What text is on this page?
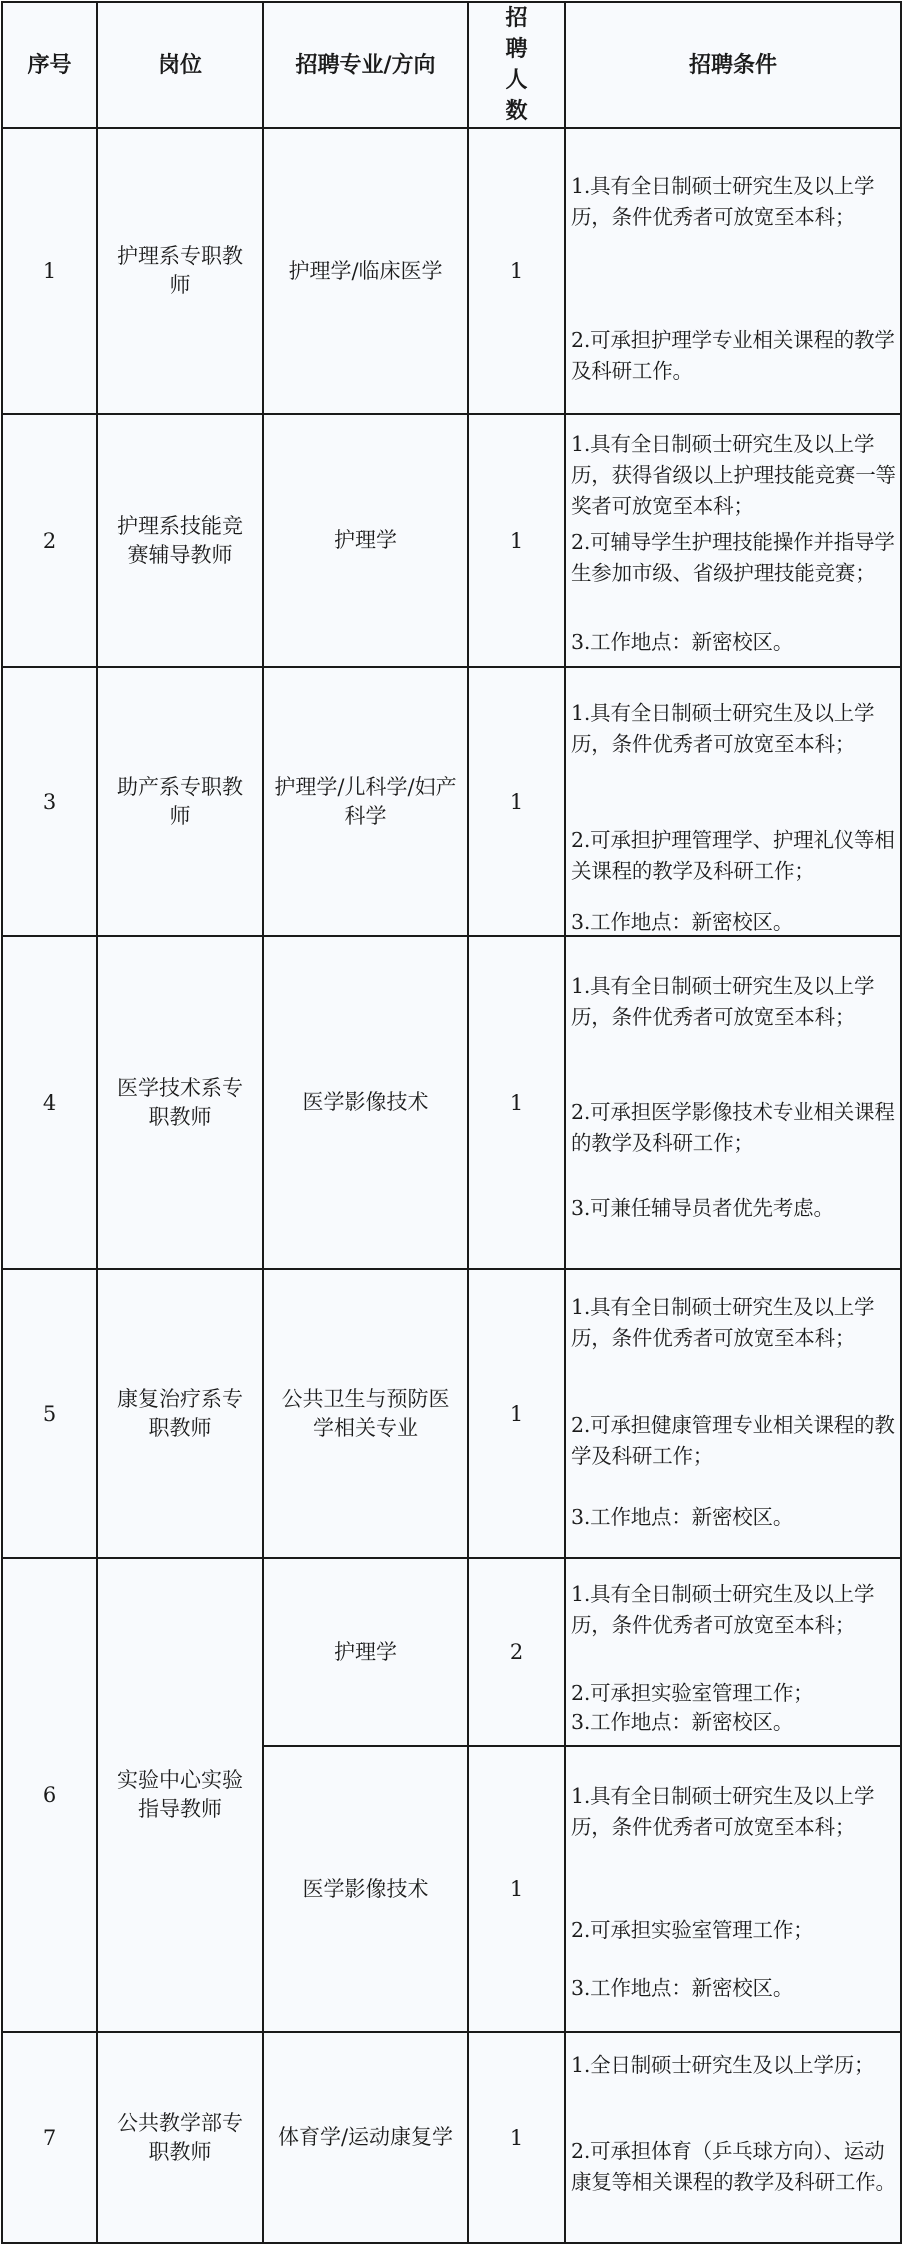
序号	岗位	招聘专业/方向	招聘人数	招聘条件
1	护理系专职教师	护理学/临床医学	1	1.具有全日制硕士研究生及以上学历，条件优秀者可放宽至本科；
2.可承担护理学专业相关课程的教学及科研工作。

2	护理系技能竞赛辅导教师	护理学	1	1.具有全日制硕士研究生及以上学历，获得省级以上护理技能竞赛一等奖者可放宽至本科；
2.可辅导学生护理技能操作并指导学生参加市级、省级护理技能竞赛；
3.工作地点：新密校区。

3	助产系专职教师	护理学/儿科学/妇产科学	1	1.具有全日制硕士研究生及以上学历，条件优秀者可放宽至本科；
2.可承担护理管理学、护理礼仪等相关课程的教学及科研工作；
3.工作地点：新密校区。

4	医学技术系专职教师	医学影像技术	1	1.具有全日制硕士研究生及以上学历，条件优秀者可放宽至本科；
2.可承担医学影像技术专业相关课程的教学及科研工作；
3.可兼任辅导员者优先考虑。

5	康复治疗系专职教师	公共卫生与预防医学相关专业	1	1.具有全日制硕士研究生及以上学历，条件优秀者可放宽至本科；
2.可承担健康管理专业相关课程的教学及科研工作；
3.工作地点：新密校区。

6	实验中心实验指导教师	护理学	2	1.具有全日制硕士研究生及以上学历，条件优秀者可放宽至本科；
2.可承担实验室管理工作；
3.工作地点：新密校区。

		医学影像技术	1	1.具有全日制硕士研究生及以上学历，条件优秀者可放宽至本科；
2.可承担实验室管理工作；
3.工作地点：新密校区。

7	公共教学部专职教师	体育学/运动康复学	1	1.全日制硕士研究生及以上学历；
2.可承担体育（乒乓球方向）、运动康复等相关课程的教学及科研工作。
